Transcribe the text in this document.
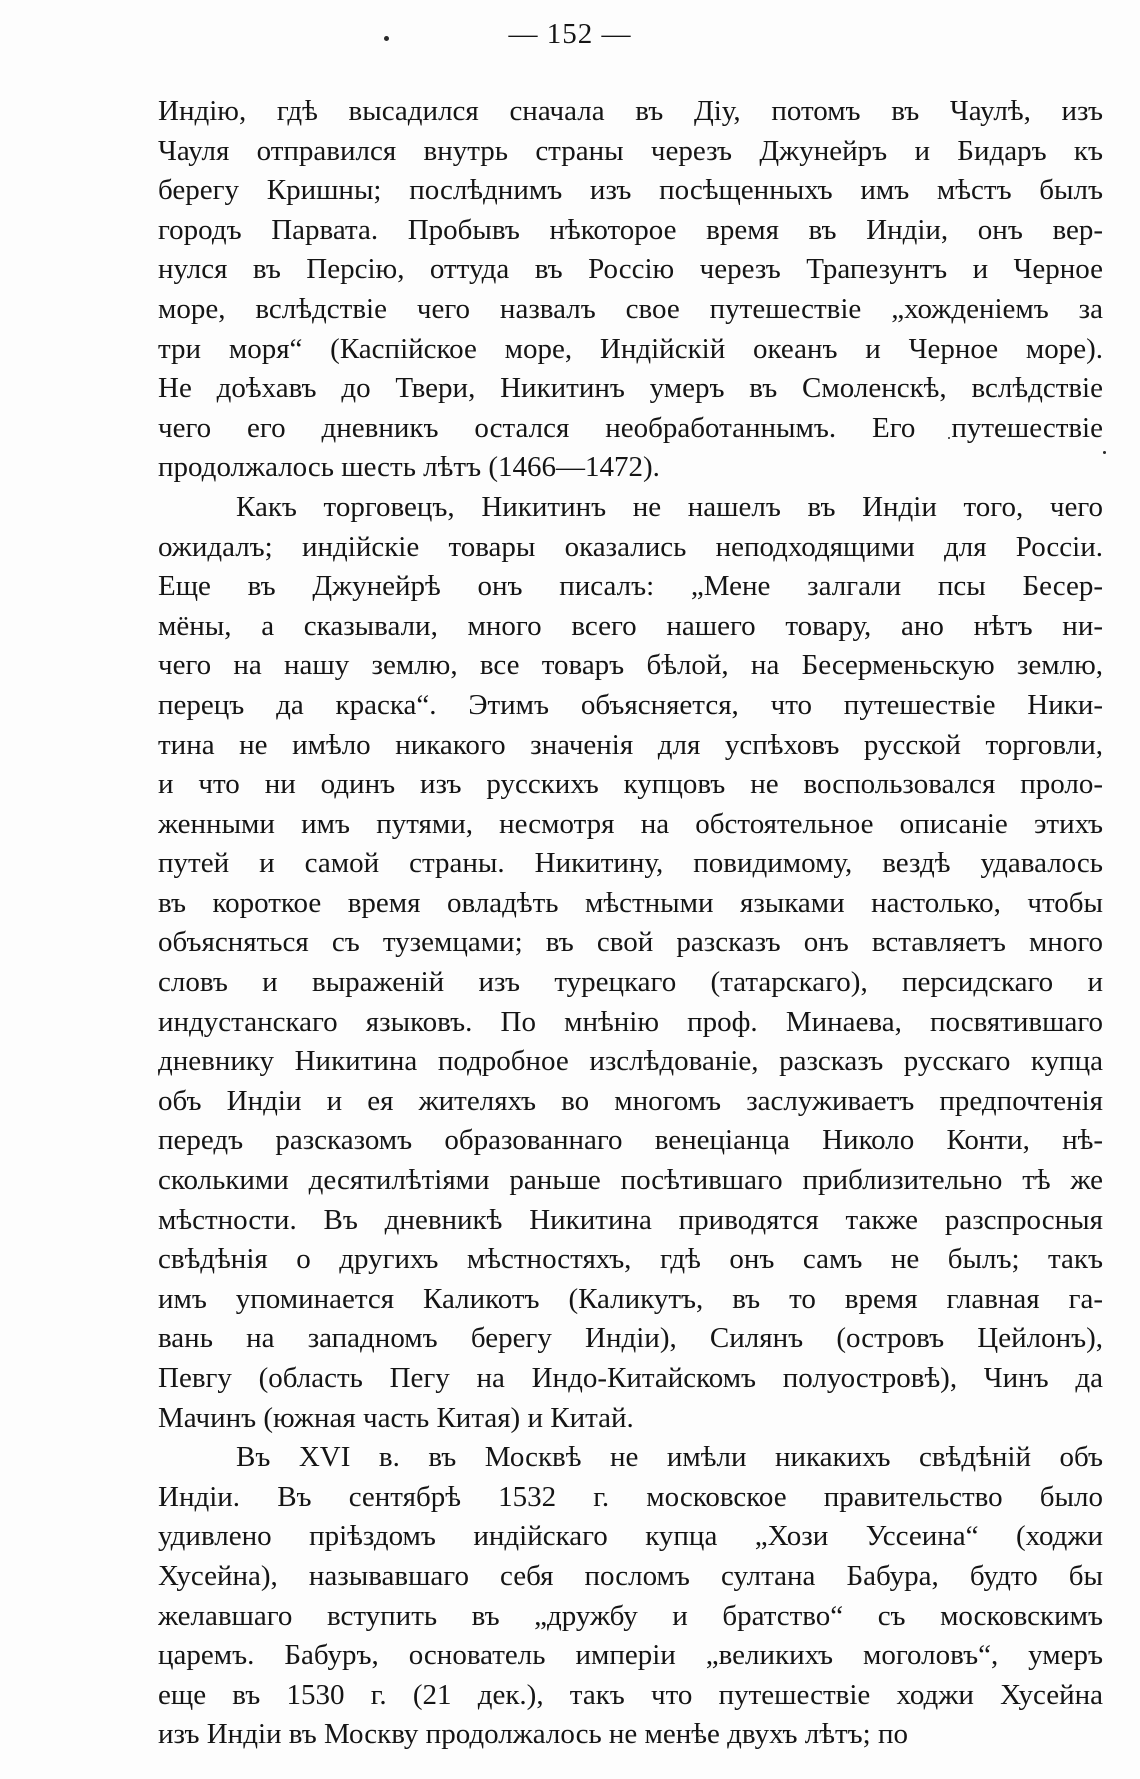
— 152 —
Индію, гдѣ высадился сначала въ Діу, потомъ въ Чаулѣ, изъ
Чауля отправился внутрь страны черезъ Джунейръ и Бидаръ къ
берегу Кришны; послѣднимъ изъ посѣщенныхъ имъ мѣстъ былъ
городъ Парвата. Пробывъ нѣкоторое время въ Индіи, онъ вер-
нулся въ Персію, оттуда въ Россію черезъ Трапезунтъ и Черное
море, вслѣдствіе чего назвалъ свое путешествіе „хожденіемъ за
три моря“ (Каспійское море, Индійскій океанъ и Черное море).
Не доѣхавъ до Твери, Никитинъ умеръ въ Смоленскѣ, вслѣдствіе
чего его дневникъ остался необработаннымъ. Его путешествіе
продолжалось шесть лѣтъ (1466—1472).
Какъ торговецъ, Никитинъ не нашелъ въ Индіи того, чего
ожидалъ; индійскіе товары оказались неподходящими для Россіи.
Еще въ Джунейрѣ онъ писалъ: „Мене залгали псы Бесер-
мёны, а сказывали, много всего нашего товару, ано нѣтъ ни-
чего на нашу землю, все товаръ бѣлой, на Бесерменьскую землю,
перецъ да краска“. Этимъ объясняется, что путешествіе Ники-
тина не имѣло никакого значенія для успѣховъ русской торговли,
и что ни одинъ изъ русскихъ купцовъ не воспользовался проло-
женными имъ путями, несмотря на обстоятельное описаніе этихъ
путей и самой страны. Никитину, повидимому, вездѣ удавалось
въ короткое время овладѣть мѣстными языками настолько, чтобы
объясняться съ туземцами; въ свой разсказъ онъ вставляетъ много
словъ и выраженій изъ турецкаго (татарскаго), персидскаго и
индустанскаго языковъ. По мнѣнію проф. Минаева, посвятившаго
дневнику Никитина подробное изслѣдованіе, разсказъ русскаго купца
объ Индіи и ея жителяхъ во многомъ заслуживаетъ предпочтенія
передъ разсказомъ образованнаго венеціанца Николо Конти, нѣ-
сколькими десятилѣтіями раньше посѣтившаго приблизительно тѣ же
мѣстности. Въ дневникѣ Никитина приводятся также разспросныя
свѣдѣнія о другихъ мѣстностяхъ, гдѣ онъ самъ не былъ; такъ
имъ упоминается Каликотъ (Каликутъ, въ то время главная га-
вань на западномъ берегу Индіи), Силянъ (островъ Цейлонъ),
Певгу (область Пегу на Индо-Китайскомъ полуостровѣ), Чинъ да
Мачинъ (южная часть Китая) и Китай.
Въ XVI в. въ Москвѣ не имѣли никакихъ свѣдѣній объ
Индіи. Въ сентябрѣ 1532 г. московское правительство было
удивлено пріѣздомъ индійскаго купца „Хози Уссеина“ (ходжи
Хусейна), называвшаго себя посломъ султана Бабура, будто бы
желавшаго вступить въ „дружбу и братство“ съ московскимъ
царемъ. Бабуръ, основатель имперіи „великихъ моголовъ“, умеръ
еще въ 1530 г. (21 дек.), такъ что путешествіе ходжи Хусейна
изъ Индіи въ Москву продолжалось не менѣе двухъ лѣтъ; по
